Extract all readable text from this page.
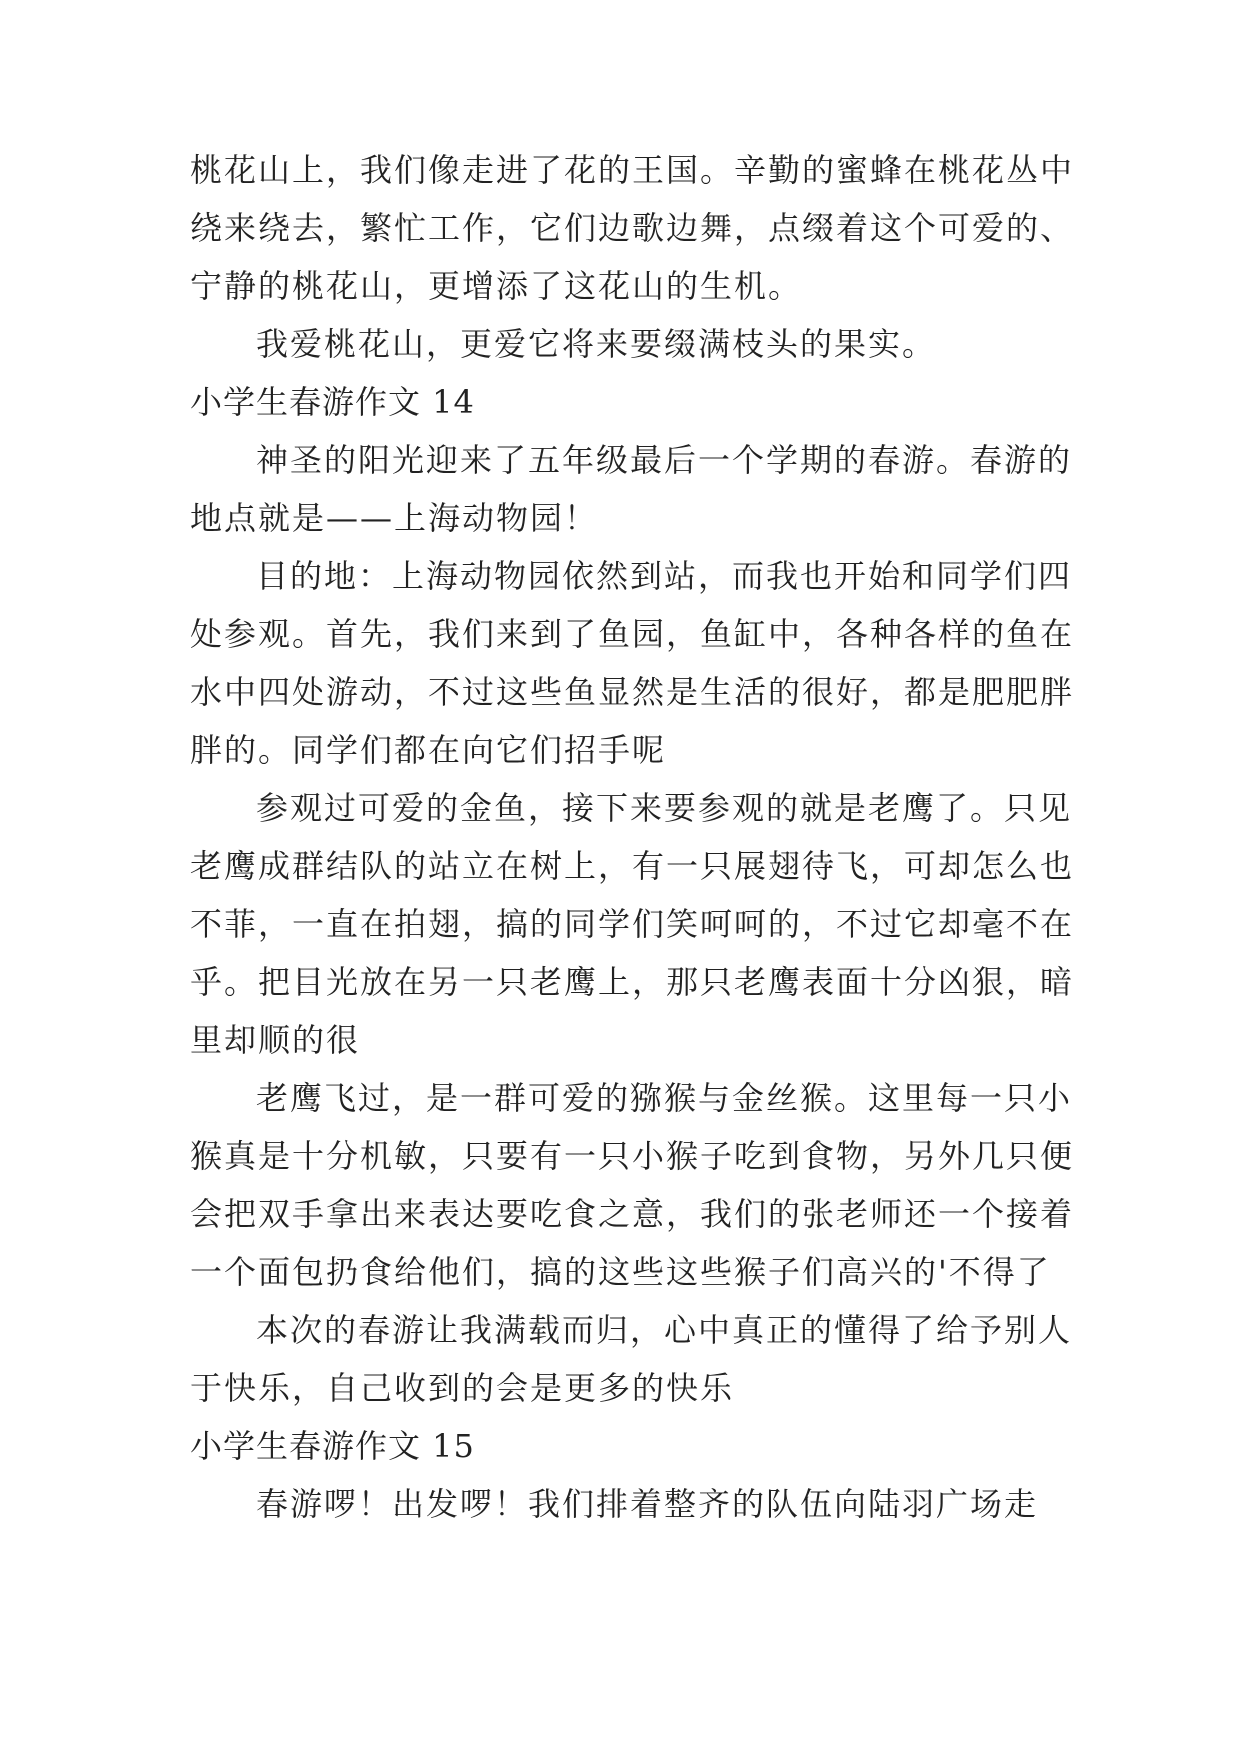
桃花山上，我们像走进了花的王国。辛勤的蜜蜂在桃花丛中
绕来绕去，繁忙工作，它们边歌边舞，点缀着这个可爱的、
宁静的桃花山，更增添了这花山的生机。
我爱桃花山，更爱它将来要缀满枝头的果实。
小学生春游作文 14
神圣的阳光迎来了五年级最后一个学期的春游。春游的
地点就是——上海动物园！
目的地：上海动物园依然到站，而我也开始和同学们四
处参观。首先，我们来到了鱼园，鱼缸中，各种各样的鱼在
水中四处游动，不过这些鱼显然是生活的很好，都是肥肥胖
胖的。同学们都在向它们招手呢
参观过可爱的金鱼，接下来要参观的就是老鹰了。只见
老鹰成群结队的站立在树上，有一只展翅待飞，可却怎么也
不菲，一直在拍翅，搞的同学们笑呵呵的，不过它却毫不在
乎。把目光放在另一只老鹰上，那只老鹰表面十分凶狠，暗
里却顺的很
老鹰飞过，是一群可爱的猕猴与金丝猴。这里每一只小
猴真是十分机敏，只要有一只小猴子吃到食物，另外几只便
会把双手拿出来表达要吃食之意，我们的张老师还一个接着
一个面包扔食给他们，搞的这些这些猴子们高兴的'不得了
本次的春游让我满载而归，心中真正的懂得了给予别人
于快乐，自己收到的会是更多的快乐
小学生春游作文 15
春游啰！出发啰！我们排着整齐的队伍向陆羽广场走
